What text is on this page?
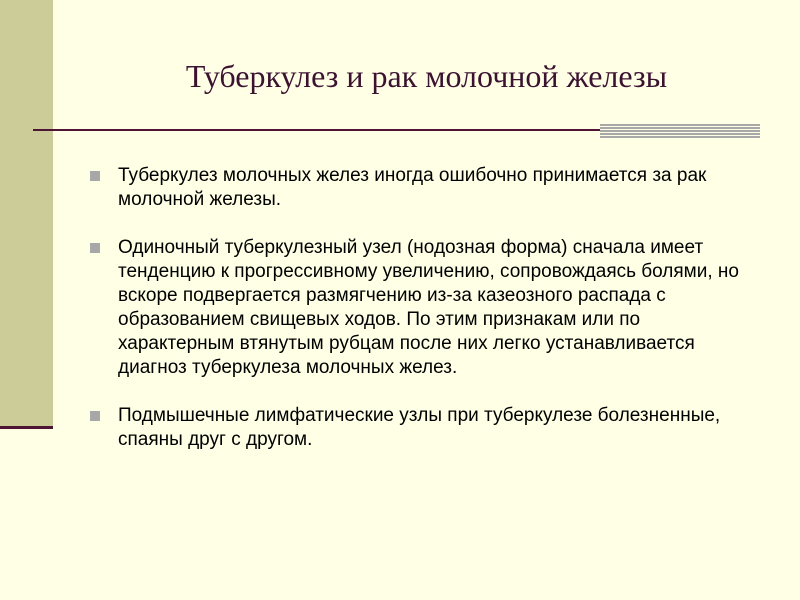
Туберкулез и рак молочной железы
Туберкулез молочных желез иногда ошибочно принимается за рак молочной железы.
Одиночный туберкулезный узел (нодозная форма) сначала имеет тенденцию к прогрессивному увеличению, сопровождаясь болями, но вскоре подвергается размягчению из-за казеозного распада с образованием свищевых ходов. По этим признакам или по характерным втянутым рубцам после них легко устанавливается диагноз туберкулеза молочных желез.
Подмышечные лимфатические узлы при туберкулезе болезненные, спаяны друг с другом.
